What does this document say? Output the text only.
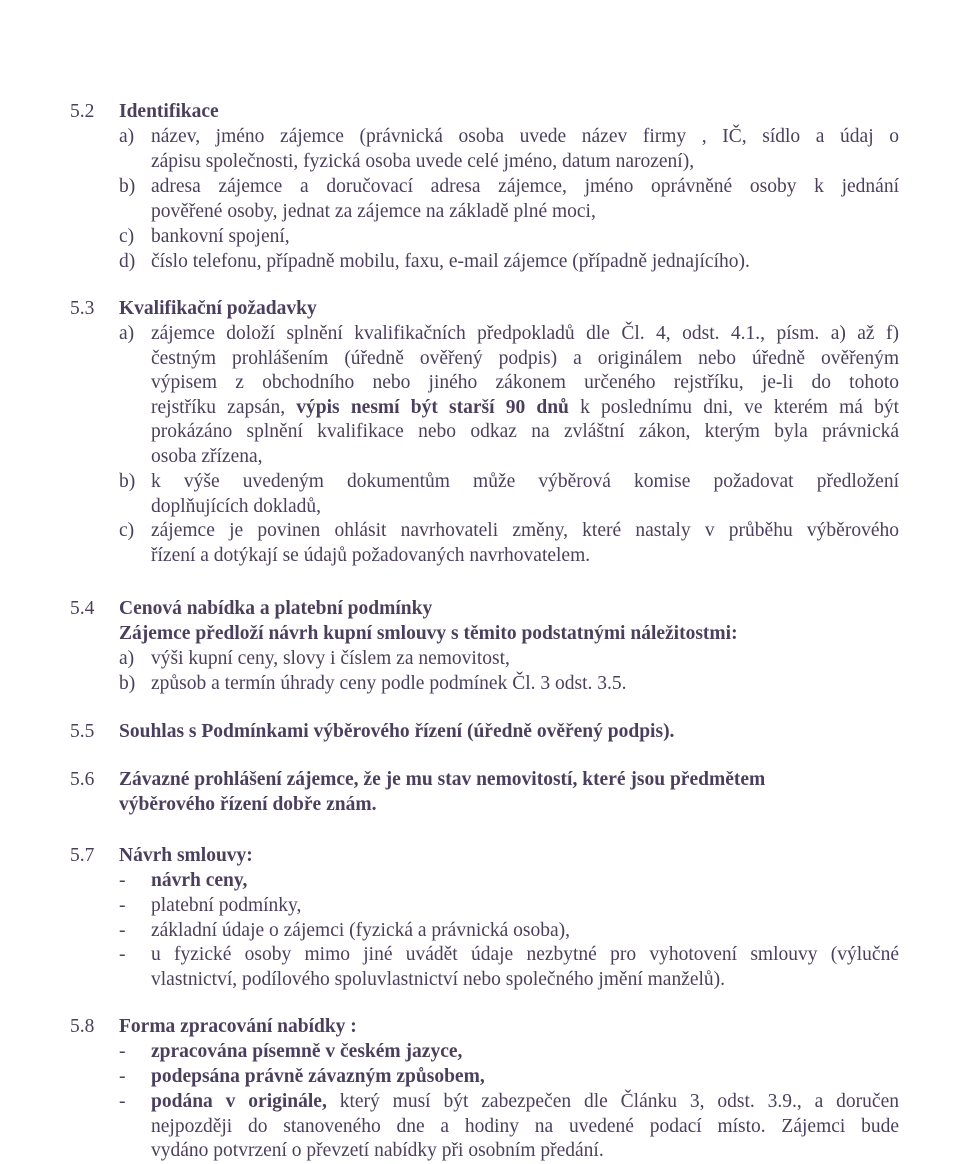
5.2	Identifikace
a) název, jméno zájemce (právnická osoba uvede název firmy , IČ, sídlo a údaj o
zápisu společnosti, fyzická osoba uvede celé jméno, datum narození),
b) adresa zájemce a doručovací adresa zájemce, jméno oprávněné osoby k jednání
pověřené osoby, jednat za zájemce na základě plné moci,
c) bankovní spojení,
d) číslo telefonu, případně mobilu, faxu, e-mail zájemce (případně jednajícího).
5.3	Kvalifikační požadavky
a) zájemce doloží splnění kvalifikačních předpokladů dle Čl. 4, odst. 4.1., písm. a) až f)
čestným prohlášením (úředně ověřený podpis) a originálem nebo úředně ověřeným
výpisem z obchodního nebo jiného zákonem určeného rejstříku, je-li do tohoto
rejstříku zapsán, výpis nesmí být starší 90 dnů k poslednímu dni, ve kterém má být
prokázáno splnění kvalifikace nebo odkaz na zvláštní zákon, kterým byla právnická
osoba zřízena,
b) k výše uvedeným dokumentům může výběrová komise požadovat předložení
doplňujících dokladů,
c) zájemce je povinen ohlásit navrhovateli změny, které nastaly v průběhu výběrového
řízení a dotýkají se údajů požadovaných navrhovatelem.
5.4	Cenová nabídka a platební podmínky
Zájemce předloží návrh kupní smlouvy s těmito podstatnými náležitostmi:
a) výši kupní ceny, slovy i číslem za nemovitost,
b) způsob a termín úhrady ceny podle podmínek Čl. 3 odst. 3.5.
5.5	Souhlas s Podmínkami výběrového řízení (úředně ověřený podpis).
5.6	Závazné prohlášení zájemce, že je mu stav nemovitostí, které jsou předmětem
výběrového řízení dobře znám.
5.7	Návrh smlouvy:
- návrh ceny,
- platební podmínky,
- základní údaje o zájemci (fyzická a právnická osoba),
- u fyzické osoby mimo jiné uvádět údaje nezbytné pro vyhotovení smlouvy (výlučné
vlastnictví, podílového spoluvlastnictví nebo společného jmění manželů).
5.8	Forma zpracování nabídky :
- zpracována písemně v českém jazyce,
- podepsána právně závazným způsobem,
- podána v originále, který musí být zabezpečen dle Článku 3, odst. 3.9., a doručen
nejpozději do stanoveného dne a hodiny na uvedené podací místo. Zájemci bude
vydáno potvrzení o převzetí nabídky při osobním předání.
